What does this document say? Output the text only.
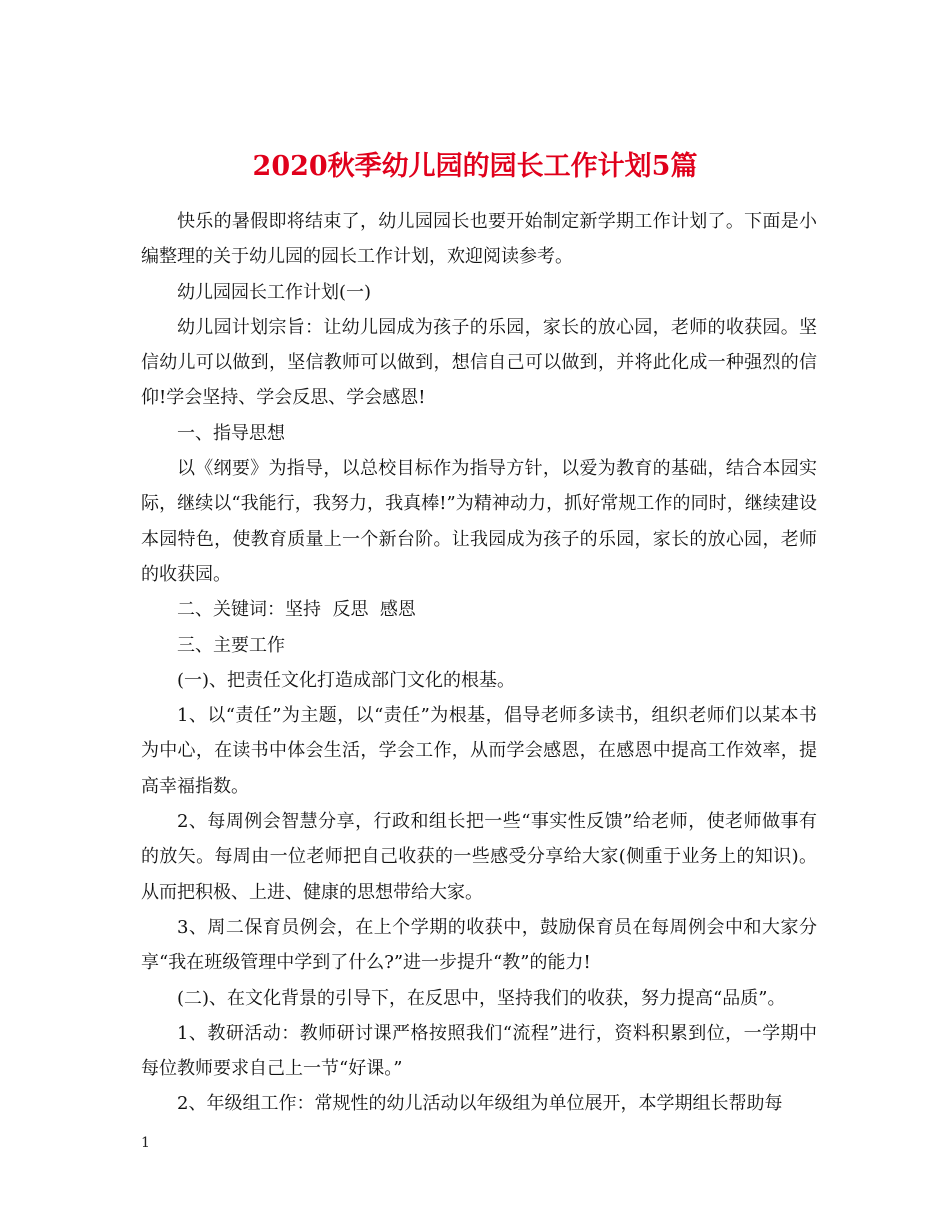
2020秋季幼儿园的园长工作计划5篇

快乐的暑假即将结束了，幼儿园园长也要开始制定新学期工作计划了。下面是小编整理的关于幼儿园的园长工作计划，欢迎阅读参考。

幼儿园园长工作计划(一)

幼儿园计划宗旨：让幼儿园成为孩子的乐园，家长的放心园，老师的收获园。坚信幼儿可以做到，坚信教师可以做到，想信自己可以做到，并将此化成一种强烈的信仰!学会坚持、学会反思、学会感恩!

一、指导思想

以《纲要》为指导，以总校目标作为指导方针，以爱为教育的基础，结合本园实际，继续以“我能行，我努力，我真棒!”为精神动力，抓好常规工作的同时，继续建设本园特色，使教育质量上一个新台阶。让我园成为孩子的乐园，家长的放心园，老师的收获园。

二、关键词：坚持  反思  感恩

三、主要工作

(一)、把责任文化打造成部门文化的根基。

1、以“责任”为主题，以“责任”为根基，倡导老师多读书，组织老师们以某本书为中心，在读书中体会生活，学会工作，从而学会感恩，在感恩中提高工作效率，提高幸福指数。

2、每周例会智慧分享，行政和组长把一些“事实性反馈”给老师，使老师做事有的放矢。每周由一位老师把自己收获的一些感受分享给大家(侧重于业务上的知识)。从而把积极、上进、健康的思想带给大家。

3、周二保育员例会，在上个学期的收获中，鼓励保育员在每周例会中和大家分享“我在班级管理中学到了什么?”进一步提升“教”的能力!

(二)、在文化背景的引导下，在反思中，坚持我们的收获，努力提高“品质”。

1、教研活动：教师研讨课严格按照我们“流程”进行，资料积累到位，一学期中每位教师要求自己上一节“好课。”

2、年级组工作：常规性的幼儿活动以年级组为单位展开，本学期组长帮助每

1
